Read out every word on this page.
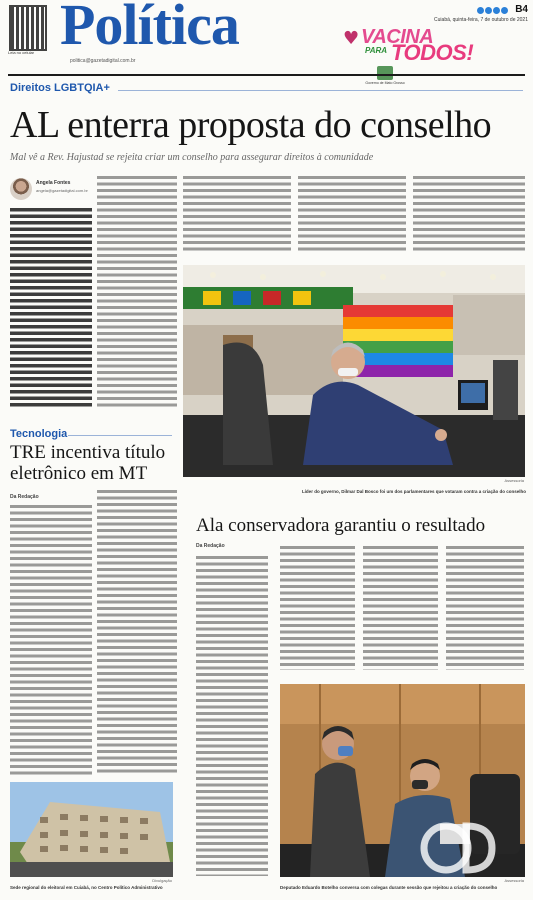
Leia no celular Política
politica@gazetadigital.com.br
B4
Cuiabá, quinta-feira, 7 de outubro de 2021
♥ VACINA
PARA TODOS!
Governo de Mato Grosso
Direitos LGBTQIA+
AL enterra proposta do conselho
Mal vê a Rev. Hajustad se rejeita criar um conselho para assegurar direitos à comunidade
Angela Fontes
angela@gazetadigital.com.br
Assessoria
Líder do governo, Dilmar Dal Bosco foi um dos parlamentares que votaram contra a criação do conselho
Tecnologia
TRE incentiva título eletrônico em MT
Da Redação
Divulgação
Sede regional do eleitoral em Cuiabá, no Centro Político Administrativo
Ala conservadora garantiu o resultado
Da Redação
Assessoria
Deputado Eduardo Botelho conversa com colegas durante sessão que rejeitou a criação do conselho
